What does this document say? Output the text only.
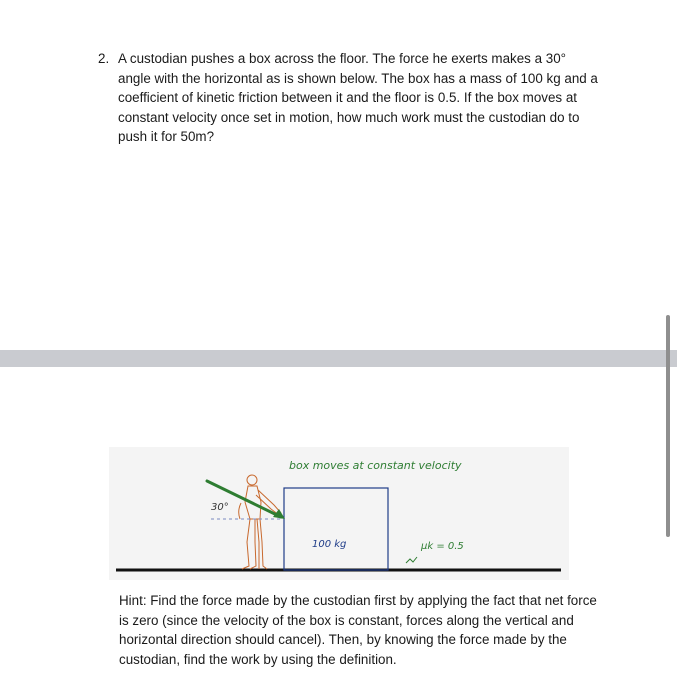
2. A custodian pushes a box across the floor. The force he exerts makes a 30° angle with the horizontal as is shown below. The box has a mass of 100 kg and a coefficient of kinetic friction between it and the floor is 0.5. If the box moves at constant velocity once set in motion, how much work must the custodian do to push it for 50m?
box moves at constant velocity
30°
100 kg	μk = 0.5
Hint: Find the force made by the custodian first by applying the fact that net force is zero (since the velocity of the box is constant, forces along the vertical and horizontal direction should cancel). Then, by knowing the force made by the custodian, find the work by using the definition.
